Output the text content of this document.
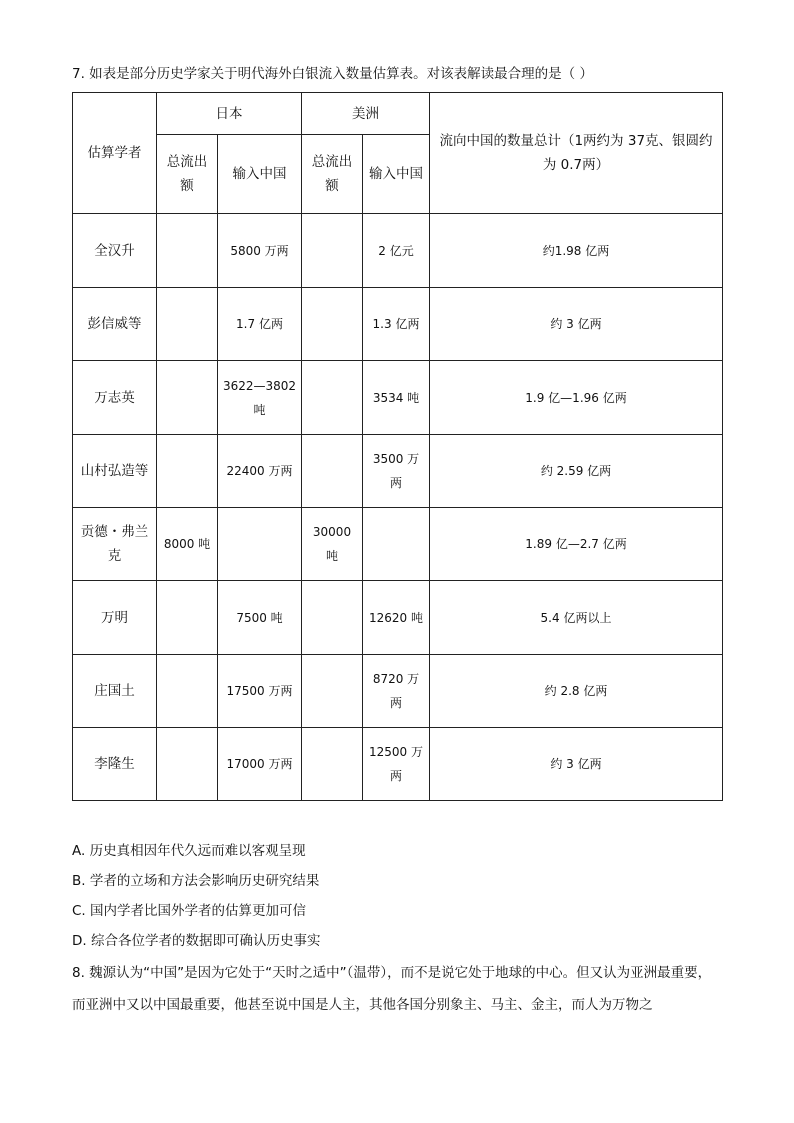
7. 如表是部分历史学家关于明代海外白银流入数量估算表。对该表解读最合理的是（ ）
估算学者	日本		美洲		流向中国的数量总计（1两约为 37克、银圆约为 0.7两）
	总流出额	输入中国	总流出额	输入中国	
全汉升		5800 万两		2 亿元	约1.98 亿两
彭信威等		1.7 亿两		1.3 亿两	约 3 亿两
万志英		3622—3802 吨		3534 吨	1.9 亿—1.96 亿两
山村弘造等		22400 万两		3500 万两	约 2.59 亿两
贡德・弗兰克	8000 吨		30000 吨		1.89 亿—2.7 亿两
万明		7500 吨		12620 吨	5.4 亿两以上
庄国土		17500 万两		8720 万两	约 2.8 亿两
李隆生		17000 万两		12500 万两	约 3 亿两
A. 历史真相因年代久远而难以客观呈现
B. 学者的立场和方法会影响历史研究结果
C. 国内学者比国外学者的估算更加可信
D. 综合各位学者的数据即可确认历史事实
8. 魏源认为“中国”是因为它处于“天时之适中”（温带），而不是说它处于地球的中心。但又认为亚洲最重要，而亚洲中又以中国最重要，他甚至说中国是人主，其他各国分别象主、马主、金主，而人为万物之
